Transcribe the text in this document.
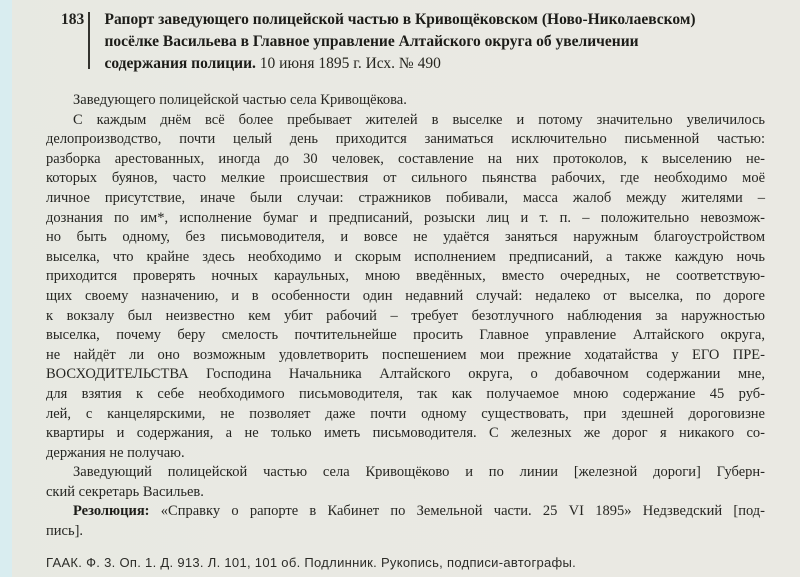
183 Рапорт заведующего полицейской частью в Кривощёковском (Ново-Николаевском)
посёлке Васильева в Главное управление Алтайского округа об увеличении
содержания полиции. 10 июня 1895 г. Исх. № 490
Заведующего полицейской частью села Кривощёкова.
С каждым днём всё более пребывает жителей в выселке и потому значительно увеличилось
делопроизводство, почти целый день приходится заниматься исключительно письменной частью:
разборка арестованных, иногда до 30 человек, составление на них протоколов, к выселению не-
которых буянов, часто мелкие происшествия от сильного пьянства рабочих, где необходимо моё
личное присутствие, иначе были случаи: стражников побивали, масса жалоб между жителями –
дознания по им*, исполнение бумаг и предписаний, розыски лиц и т. п. – положительно невозмож-
но быть одному, без письмоводителя, и вовсе не удаётся заняться наружным благоустройством
выселка, что крайне здесь необходимо и скорым исполнением предписаний, а также каждую ночь
приходится проверять ночных караульных, мною введённых, вместо очередных, не соответствую-
щих своему назначению, и в особенности один недавний случай: недалеко от выселка, по дороге
к вокзалу был неизвестно кем убит рабочий – требует безотлучного наблюдения за наружностью
выселка, почему беру смелость почтительнейше просить Главное управление Алтайского округа,
не найдёт ли оно возможным удовлетворить поспешением мои прежние ходатайства у ЕГО ПРЕ-
ВОСХОДИТЕЛЬСТВА Господина Начальника Алтайского округа, о добавочном содержании мне,
для взятия к себе необходимого письмоводителя, так как получаемое мною содержание 45 руб-
лей, с канцелярскими, не позволяет даже почти одному существовать, при здешней дороговизне
квартиры и содержания, а не только иметь письмоводителя. С железных же дорог я никакого со-
держания не получаю.
Заведующий полицейской частью села Кривощёково и по линии [железной дороги] Губерн-
ский секретарь Васильев.
Резолюция: «Справку о рапорте в Кабинет по Земельной части. 25 VI 1895» Недзведский [под-
пись].
ГААК. Ф. 3. Оп. 1. Д. 913. Л. 101, 101 об. Подлинник. Рукопись, подписи-автографы.
